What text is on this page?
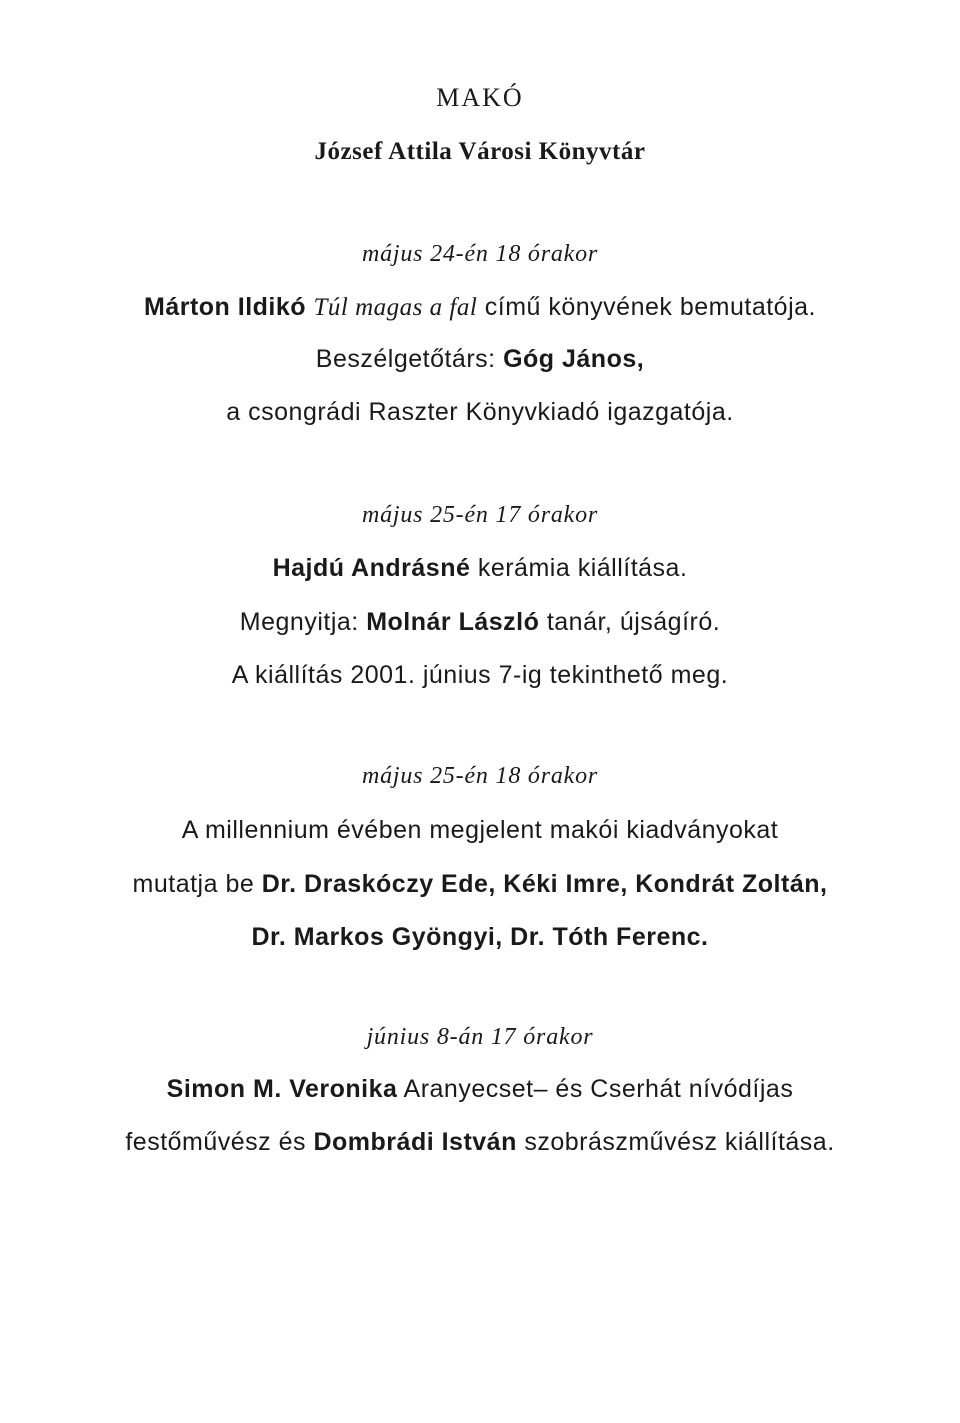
MAKÓ
József Attila Városi Könyvtár
május 24-én 18 órakor
Márton Ildikó Túl magas a fal című könyvének bemutatója.
Beszélgetőtárs: Góg János,
a csongrádi Raszter Könyvkiadó igazgatója.
május 25-én 17 órakor
Hajdú Andrásné kerámia kiállítása.
Megnyitja: Molnár László tanár, újságíró.
A kiállítás 2001. június 7-ig tekinthető meg.
május 25-én 18 órakor
A millennium évében megjelent makói kiadványokat
mutatja be Dr. Draskóczy Ede, Kéki Imre, Kondrát Zoltán,
Dr. Markos Gyöngyi, Dr. Tóth Ferenc.
június 8-án 17 órakor
Simon M. Veronika Aranyecset– és Cserhát nívódíjas
festőművész és Dombrádi István szobrászművész kiállítása.
